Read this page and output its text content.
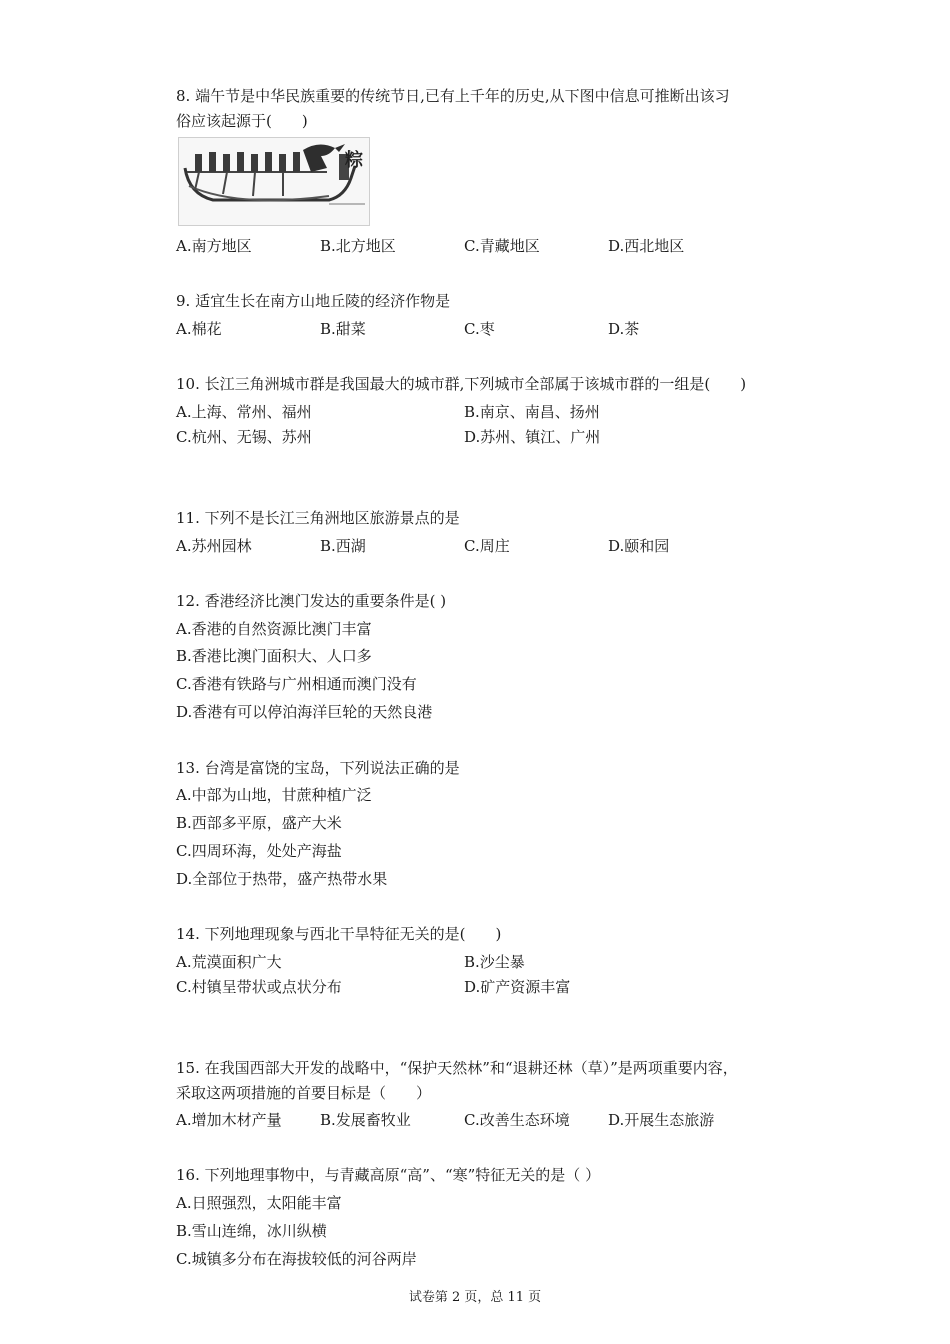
8. 端午节是中华民族重要的传统节日,已有上千年的历史,从下图中信息可推断出该习
俗应该起源于(　　)
粽
A.南方地区	B.北方地区	C.青藏地区	D.西北地区
9. 适宜生长在南方山地丘陵的经济作物是
A.棉花	B.甜菜	C.枣	D.茶
10. 长江三角洲城市群是我国最大的城市群,下列城市全部属于该城市群的一组是(　　)
A.上海、常州、福州	B.南京、南昌、扬州
C.杭州、无锡、苏州	D.苏州、镇江、广州
11. 下列不是长江三角洲地区旅游景点的是
A.苏州园林	B.西湖	C.周庄	D.颐和园
12. 香港经济比澳门发达的重要条件是( )
A.香港的自然资源比澳门丰富
B.香港比澳门面积大、人口多
C.香港有铁路与广州相通而澳门没有
D.香港有可以停泊海洋巨轮的天然良港
13. 台湾是富饶的宝岛，下列说法正确的是
A.中部为山地，甘蔗种植广泛
B.西部多平原，盛产大米
C.四周环海，处处产海盐
D.全部位于热带，盛产热带水果
14. 下列地理现象与西北干旱特征无关的是(　　)
A.荒漠面积广大	B.沙尘暴
C.村镇呈带状或点状分布	D.矿产资源丰富
15. 在我国西部大开发的战略中，“保护天然林”和“退耕还林（草）”是两项重要内容，
采取这两项措施的首要目标是（　　）
A.增加木材产量	B.发展畜牧业	C.改善生态环境	D.开展生态旅游
16. 下列地理事物中，与青藏高原“高”、“寒”特征无关的是（ ）
A.日照强烈，太阳能丰富
B.雪山连绵，冰川纵横
C.城镇多分布在海拔较低的河谷两岸
试卷第 2 页，总 11 页
